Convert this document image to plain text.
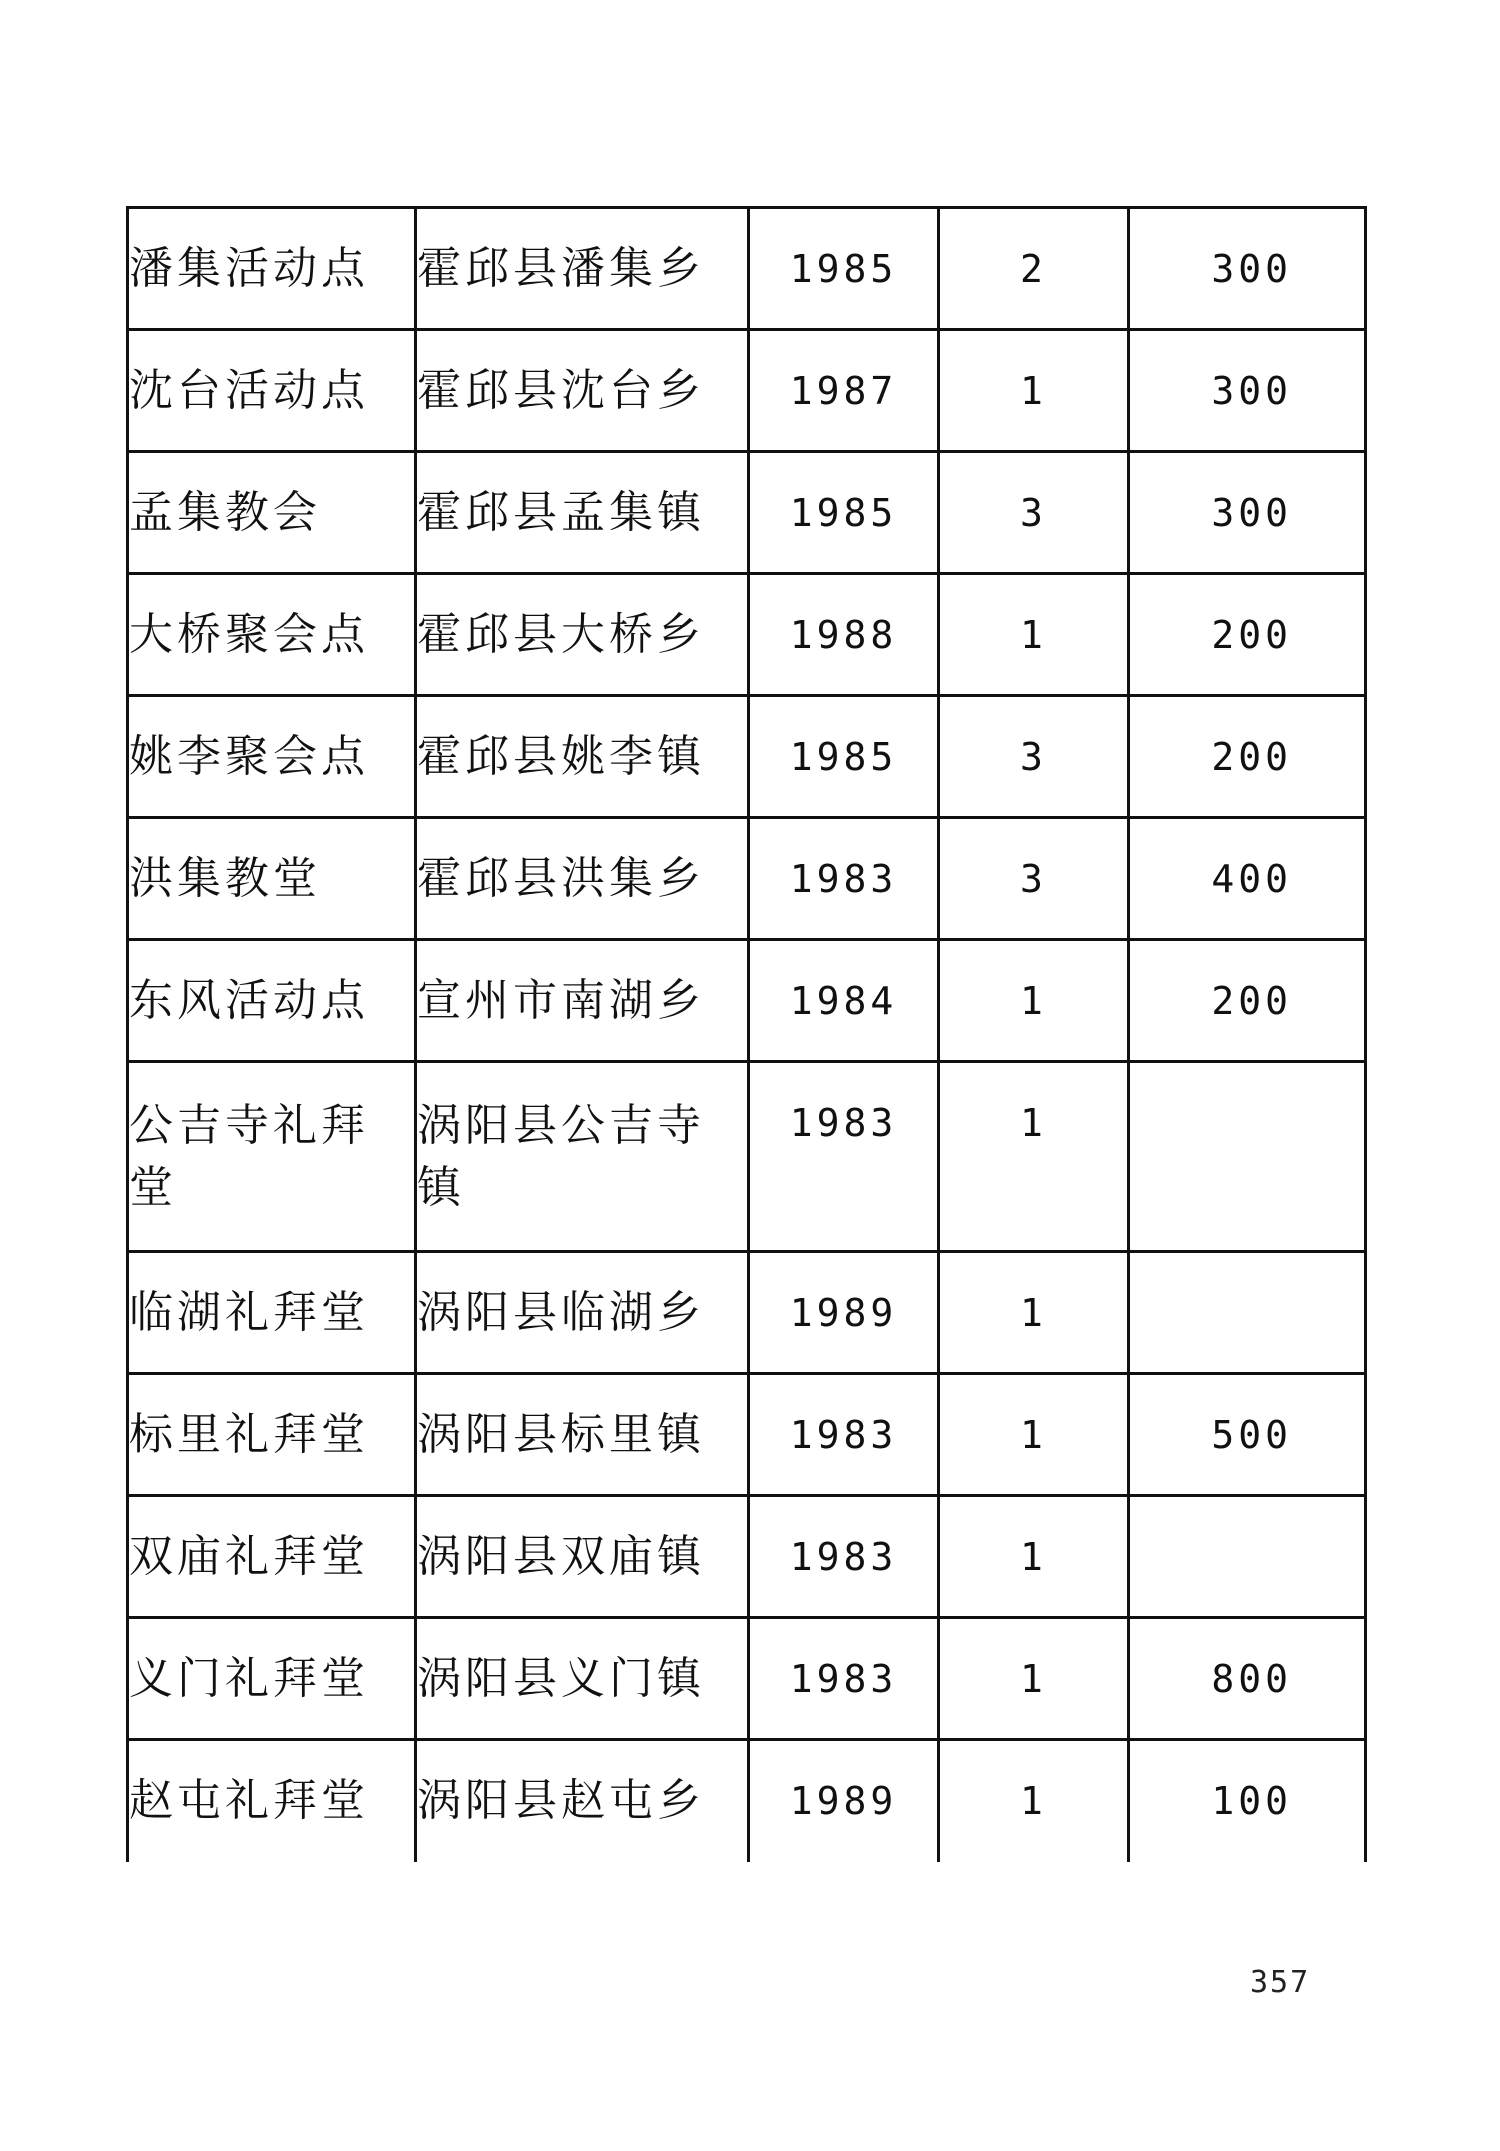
潘集活动点	霍邱县潘集乡	1985	2	300
沈台活动点	霍邱县沈台乡	1987	1	300
孟集教会	霍邱县孟集镇	1985	3	300
大桥聚会点	霍邱县大桥乡	1988	1	200
姚李聚会点	霍邱县姚李镇	1985	3	200
洪集教堂	霍邱县洪集乡	1983	3	400
东风活动点	宣州市南湖乡	1984	1	200
公吉寺礼拜堂	涡阳县公吉寺镇	1983	1	
临湖礼拜堂	涡阳县临湖乡	1989	1	
标里礼拜堂	涡阳县标里镇	1983	1	500
双庙礼拜堂	涡阳县双庙镇	1983	1	
义门礼拜堂	涡阳县义门镇	1983	1	800
赵屯礼拜堂	涡阳县赵屯乡	1989	1	100
357
